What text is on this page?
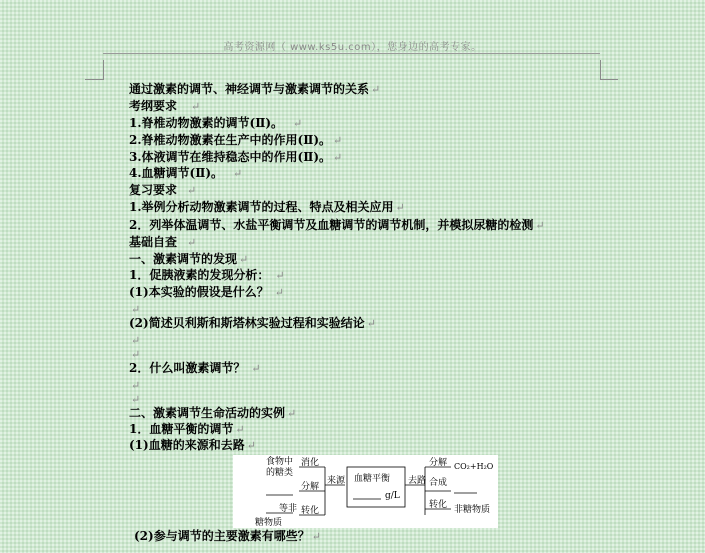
高考资源网（ www.ks5u.com），您身边的高考专家。
通过激素的调节、神经调节与激素调节的关系 ↵
考纲要求 ↵
1.脊椎动物激素的调节(Ⅱ)。 ↵
2.脊椎动物激素在生产中的作用(Ⅱ)。 ↵
3.体液调节在维持稳态中的作用(Ⅱ)。 ↵
4.血糖调节(Ⅱ)。 ↵
复习要求 ↵
1.举例分析动物激素调节的过程、特点及相关应用 ↵
2．列举体温调节、水盐平衡调节及血糖调节的调节机制，并模拟尿糖的检测 ↵
基础自查 ↵
一、激素调节的发现 ↵
1．促胰液素的发现分析： ↵
(1)本实验的假设是什么？ ↵
↵
(2)简述贝利斯和斯塔林实验过程和实验结论 ↵
↵
↵
2．什么叫激素调节？ ↵
↵
↵
二、激素调节生命活动的实例 ↵
1．血糖平衡的调节 ↵
(1)血糖的来源和去路 ↵
(2)参与调节的主要激素有哪些？ ↵
食物中
的糖类
消化
分解
等非
糖物质
转化
来源 血糖平衡
g/L
去路
分解 CO₂+H₂O
合成
转化 非糖物质
